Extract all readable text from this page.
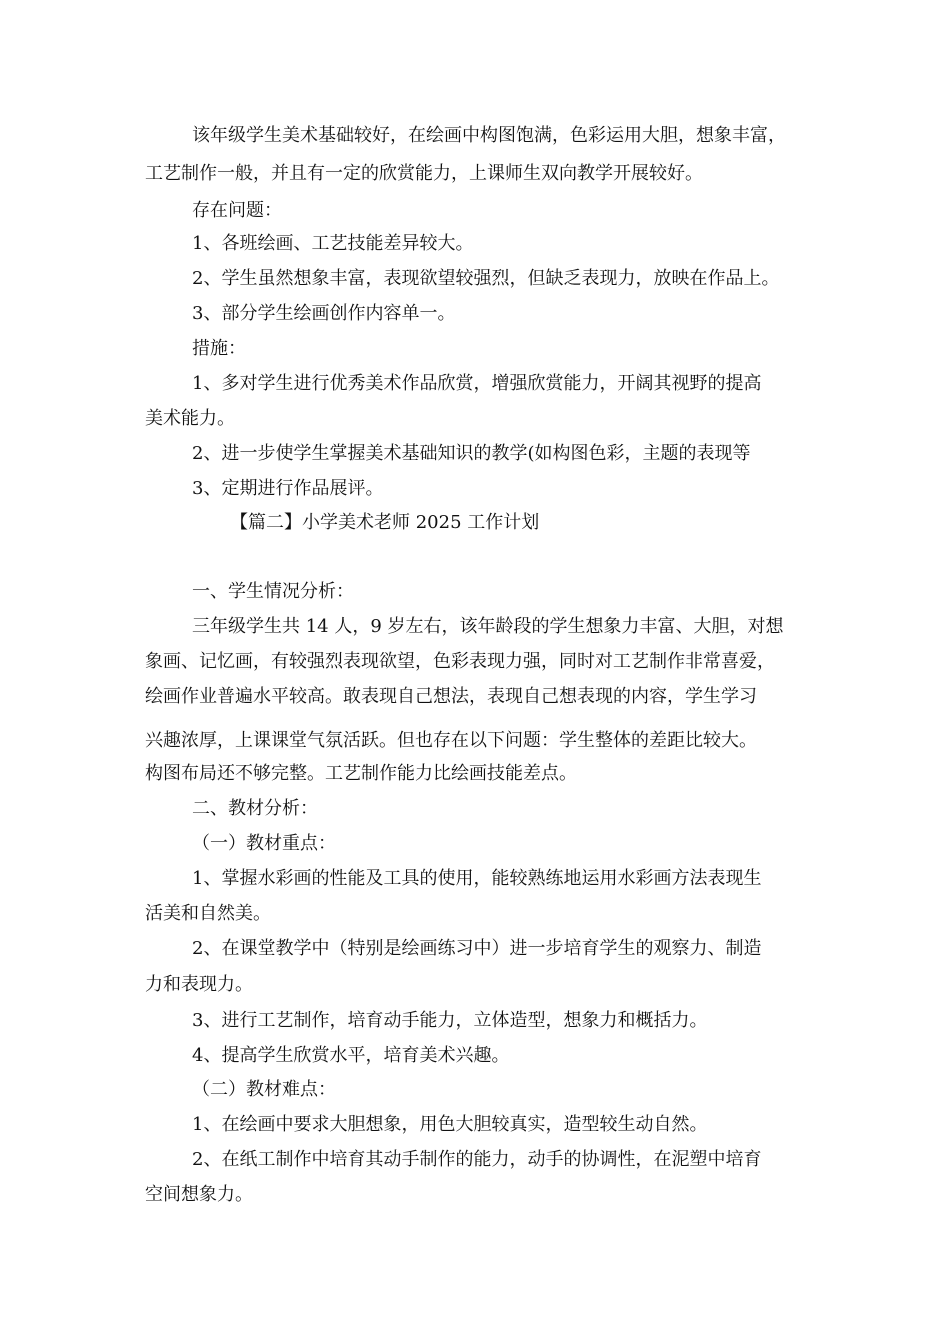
该年级学生美术基础较好，在绘画中构图饱满，色彩运用大胆，想象丰富，
工艺制作一般，并且有一定的欣赏能力，上课师生双向教学开展较好。
存在问题：
1、各班绘画、工艺技能差异较大。
2、学生虽然想象丰富，表现欲望较强烈，但缺乏表现力，放映在作品上。
3、部分学生绘画创作内容单一。
措施：
1、多对学生进行优秀美术作品欣赏，增强欣赏能力，开阔其视野的提高
美术能力。
2、进一步使学生掌握美术基础知识的教学(如构图色彩，主题的表现等
3、定期进行作品展评。
【篇二】小学美术老师 2025 工作计划
一、学生情况分析：
三年级学生共 14 人，9 岁左右，该年龄段的学生想象力丰富、大胆，对想
象画、记忆画，有较强烈表现欲望，色彩表现力强，同时对工艺制作非常喜爱，
绘画作业普遍水平较高。敢表现自己想法，表现自己想表现的内容，学生学习
兴趣浓厚，上课课堂气氛活跃。但也存在以下问题：学生整体的差距比较大。
构图布局还不够完整。工艺制作能力比绘画技能差点。
二、教材分析：
（一）教材重点：
1、掌握水彩画的性能及工具的使用，能较熟练地运用水彩画方法表现生
活美和自然美。
2、在课堂教学中（特别是绘画练习中）进一步培育学生的观察力、制造
力和表现力。
3、进行工艺制作，培育动手能力，立体造型，想象力和概括力。
4、提高学生欣赏水平，培育美术兴趣。
（二）教材难点：
1、在绘画中要求大胆想象，用色大胆较真实，造型较生动自然。
2、在纸工制作中培育其动手制作的能力，动手的协调性，在泥塑中培育
空间想象力。
